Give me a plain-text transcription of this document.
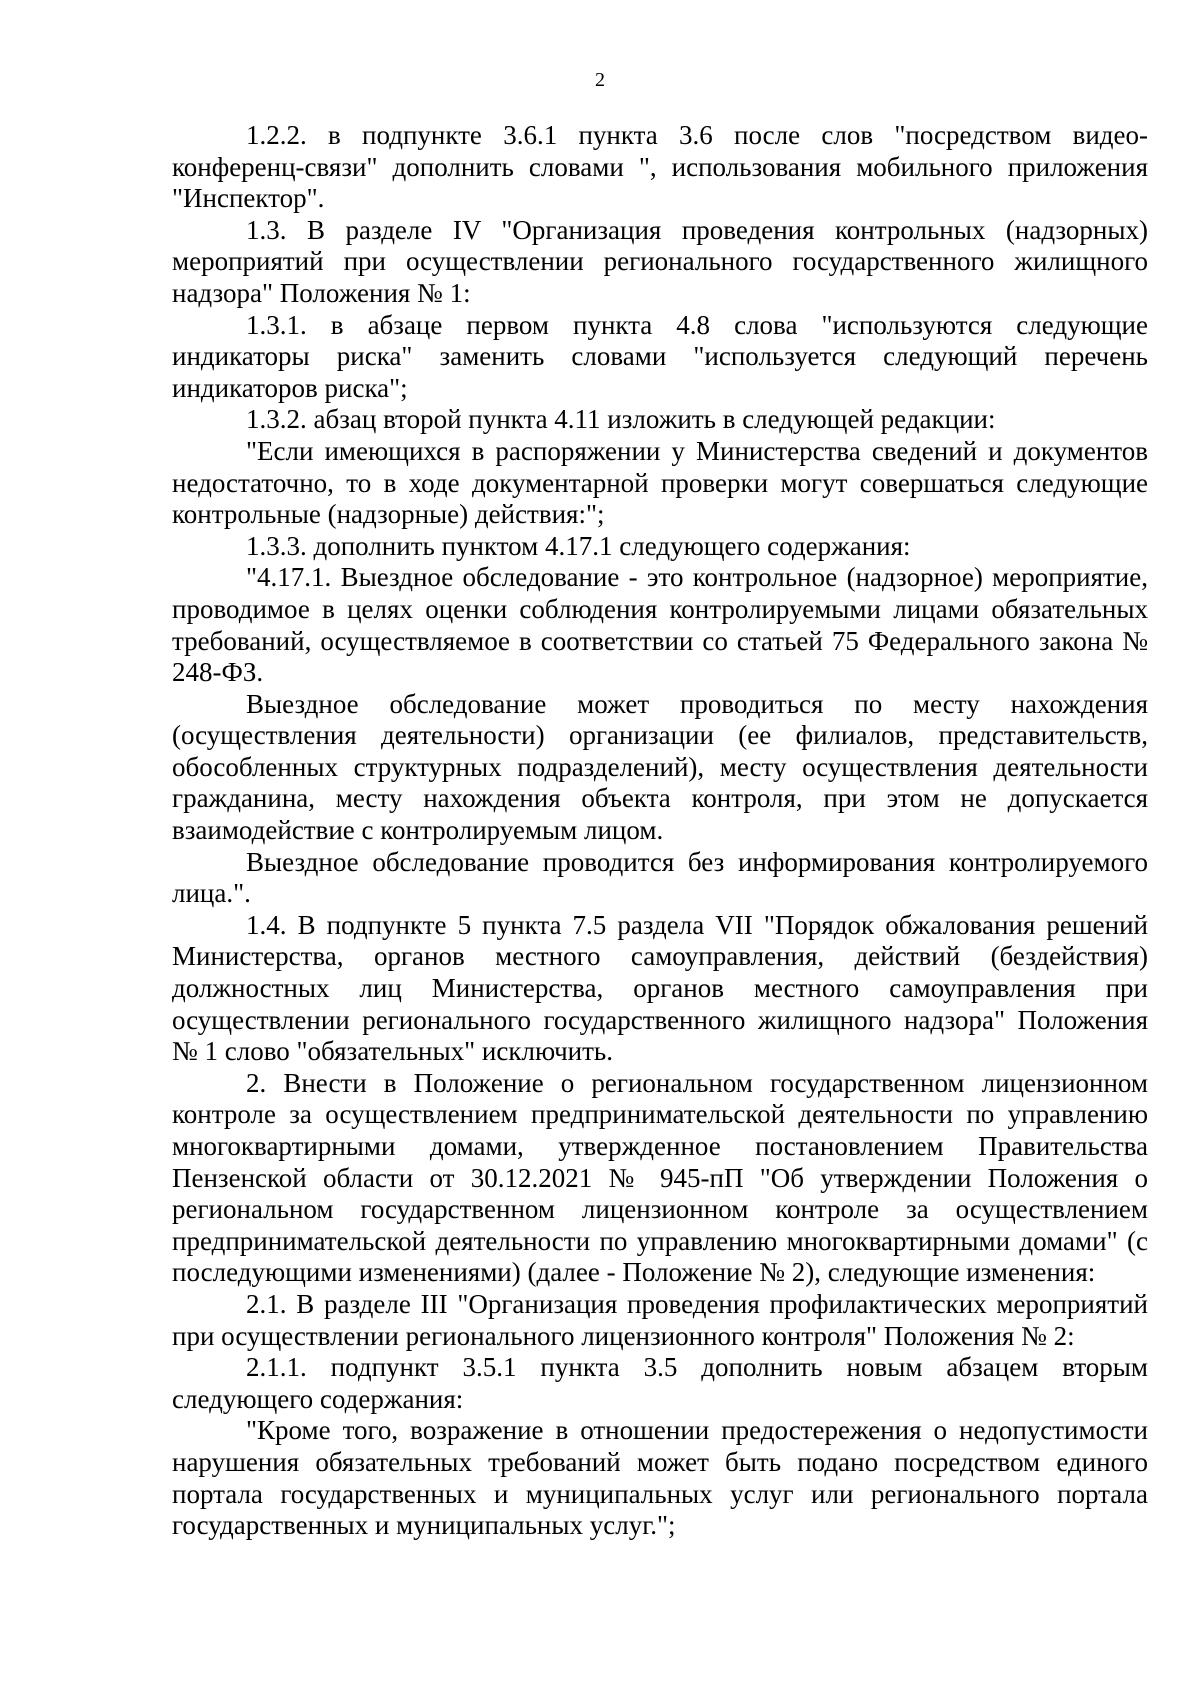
2

1.2.2. в подпункте 3.6.1 пункта 3.6 после слов "посредством видео-конференц-связи" дополнить словами ", использования мобильного приложения "Инспектор".

1.3. В разделе IV "Организация проведения контрольных (надзорных) мероприятий при осуществлении регионального государственного жилищного надзора" Положения № 1:

1.3.1. в абзаце первом пункта 4.8 слова "используются следующие индикаторы риска" заменить словами "используется следующий перечень индикаторов риска";

1.3.2. абзац второй пункта 4.11 изложить в следующей редакции:

"Если имеющихся в распоряжении у Министерства сведений и документов недостаточно, то в ходе документарной проверки могут совершаться следующие контрольные (надзорные) действия:";

1.3.3. дополнить пунктом 4.17.1 следующего содержания:

"4.17.1. Выездное обследование - это контрольное (надзорное) мероприятие, проводимое в целях оценки соблюдения контролируемыми лицами обязательных требований, осуществляемое в соответствии со статьей 75 Федерального закона № 248-ФЗ.

Выездное обследование может проводиться по месту нахождения (осуществления деятельности) организации (ее филиалов, представительств, обособленных структурных подразделений), месту осуществления деятельности гражданина, месту нахождения объекта контроля, при этом не допускается взаимодействие с контролируемым лицом.

Выездное обследование проводится без информирования контролируемого лица.".

1.4. В подпункте 5 пункта 7.5 раздела VII "Порядок обжалования решений Министерства, органов местного самоуправления, действий (бездействия) должностных лиц Министерства, органов местного самоуправления при осуществлении регионального государственного жилищного надзора" Положения № 1 слово "обязательных" исключить.

2. Внести в Положение о региональном государственном лицензионном контроле за осуществлением предпринимательской деятельности по управлению многоквартирными домами, утвержденное постановлением Правительства Пензенской области от 30.12.2021 № 945-пП "Об утверждении Положения о региональном государственном лицензионном контроле за осуществлением предпринимательской деятельности по управлению многоквартирными домами" (с последующими изменениями) (далее - Положение № 2), следующие изменения:

2.1. В разделе III "Организация проведения профилактических мероприятий при осуществлении регионального лицензионного контроля" Положения № 2:

2.1.1. подпункт 3.5.1 пункта 3.5 дополнить новым абзацем вторым следующего содержания:

"Кроме того, возражение в отношении предостережения о недопустимости нарушения обязательных требований может быть подано посредством единого портала государственных и муниципальных услуг или регионального портала государственных и муниципальных услуг.";
